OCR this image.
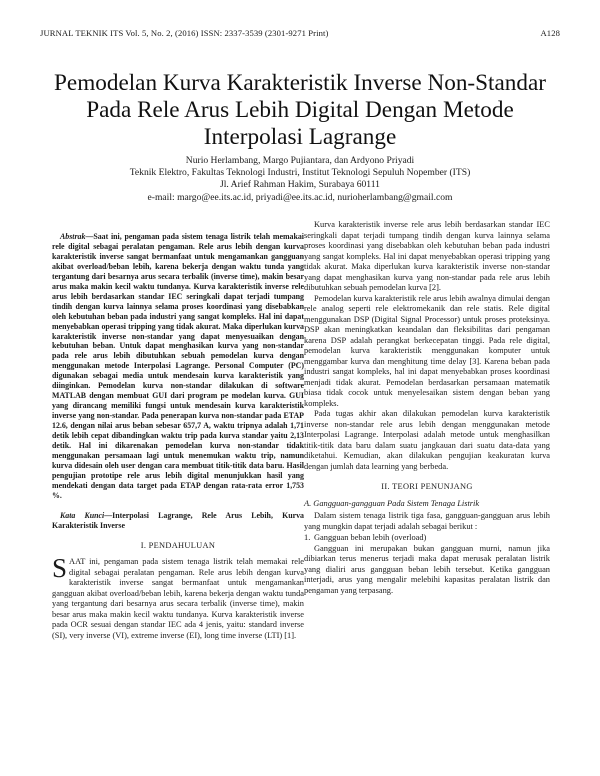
JURNAL TEKNIK ITS Vol. 5, No. 2, (2016) ISSN: 2337-3539 (2301-9271 Print)	A128
Pemodelan Kurva Karakteristik Inverse Non-Standar
Pada Rele Arus Lebih Digital Dengan Metode
Interpolasi Lagrange
Nurio Herlambang, Margo Pujiantara, dan Ardyono Priyadi
Teknik Elektro, Fakultas Teknologi Industri, Institut Teknologi Sepuluh Nopember (ITS)
Jl. Arief Rahman Hakim, Surabaya 60111
e-mail: margo@ee.its.ac.id, priyadi@ee.its.ac.id, nurioherlambang@gmail.com

Abstrak—Saat ini, pengaman pada sistem tenaga listrik telah memakai rele digital sebagai peralatan pengaman. Rele arus lebih dengan kurva karakteristik inverse sangat bermanfaat untuk mengamankan gangguan akibat overload/beban lebih, karena bekerja dengan waktu tunda yang tergantung dari besarnya arus secara terbalik (inverse time), makin besar arus maka makin kecil waktu tundanya. Kurva karakteristik inverse rele arus lebih berdasarkan standar IEC seringkali dapat terjadi tumpang tindih dengan kurva lainnya selama proses koordinasi yang disebabkan oleh kebutuhan beban pada industri yang sangat kompleks. Hal ini dapat menyebabkan operasi tripping yang tidak akurat. Maka diperlukan kurva karakteristik inverse non-standar yang dapat menyesuaikan dengan kebutuhan beban. Untuk dapat menghasikan kurva yang non-standar pada rele arus lebih dibutuhkan sebuah pemodelan kurva dengan menggunakan metode Interpolasi Lagrange. Personal Computer (PC) digunakan sebagai media untuk mendesain kurva karakteristik yang diinginkan. Pemodelan kurva non-standar dilakukan di software MATLAB dengan membuat GUI dari program pe modelan kurva. GUI yang dirancang memiliki fungsi untuk mendesain kurva karakteristik inverse yang non-standar. Pada penerapan kurva non-standar pada ETAP 12.6, dengan nilai arus beban sebesar 657,7 A, waktu tripnya adalah 1,71 detik lebih cepat dibandingkan waktu trip pada kurva standar yaitu 2,13 detik. Hal ini dikarenakan pemodelan kurva non-standar tidak menggunakan persamaan lagi untuk menemukan waktu trip, namun kurva didesain oleh user dengan cara membuat titik-titik data baru. Hasil pengujian prototipe rele arus lebih digital menunjukkan hasil yang mendekati dengan data target pada ETAP dengan rata-rata error 1,753 %.

Kata Kunci—Interpolasi Lagrange, Rele Arus Lebih, Kurva Karakteristik Inverse

I. PENDAHULUAN

SAAT ini, pengaman pada sistem tenaga listrik telah memakai rele digital sebagai peralatan pengaman. Rele arus lebih dengan kurva karakteristik inverse sangat bermanfaat untuk mengamankan gangguan akibat overload/beban lebih, karena bekerja dengan waktu tunda yang tergantung dari besarnya arus secara terbalik (inverse time), makin besar arus maka makin kecil waktu tundanya. Kurva karakteristik inverse pada OCR sesuai dengan standar IEC ada 4 jenis, yaitu: standard inverse (SI), very inverse (VI), extreme inverse (EI), long time inverse (LTI) [1].

Kurva karakteristik inverse rele arus lebih berdasarkan standar IEC seringkali dapat terjadi tumpang tindih dengan kurva lainnya selama proses koordinasi yang disebabkan oleh kebutuhan beban pada industri yang sangat kompleks. Hal ini dapat menyebabkan operasi tripping yang tidak akurat. Maka diperlukan kurva karakteristik inverse non-standar yang dapat menghasikan kurva yang non-standar pada rele arus lebih dibutuhkan sebuah pemodelan kurva [2].

Pemodelan kurva karakteristik rele arus lebih awalnya dimulai dengan rele analog seperti rele elektromekanik dan rele statis. Rele digital menggunakan DSP (Digital Signal Processor) untuk proses proteksinya. DSP akan meningkatkan keandalan dan fleksibilitas dari pengaman karena DSP adalah perangkat berkecepatan tinggi. Pada rele digital, pemodelan kurva karakteristik menggunakan komputer untuk menggambar kurva dan menghitung time delay [3]. Karena beban pada industri sangat kompleks, hal ini dapat menyebabkan proses koordinasi menjadi tidak akurat. Pemodelan berdasarkan persamaan matematik biasa tidak cocok untuk menyelesaikan sistem dengan beban yang kompleks.

Pada tugas akhir akan dilakukan pemodelan kurva karakteristik inverse non-standar rele arus lebih dengan menggunakan metode Interpolasi Lagrange. Interpolasi adalah metode untuk menghasilkan titik-titik data baru dalam suatu jangkauan dari suatu data-data yang diketahui. Kemudian, akan dilakukan pengujian keakuratan kurva dengan jumlah data learning yang berbeda.

II. TEORI PENUNJANG

A. Gangguan-gangguan Pada Sistem Tenaga Listrik

Dalam sistem tenaga listrik tiga fasa, gangguan-gangguan arus lebih yang mungkin dapat terjadi adalah sebagai berikut :

1. Gangguan beban lebih (overload)

Gangguan ini merupakan bukan gangguan murni, namun jika dibiarkan terus menerus terjadi maka dapat merusak peralatan listrik yang dialiri arus gangguan beban lebih tersebut. Ketika gangguan interjadi, arus yang mengalir melebihi kapasitas peralatan listrik dan pengaman yang terpasang.
